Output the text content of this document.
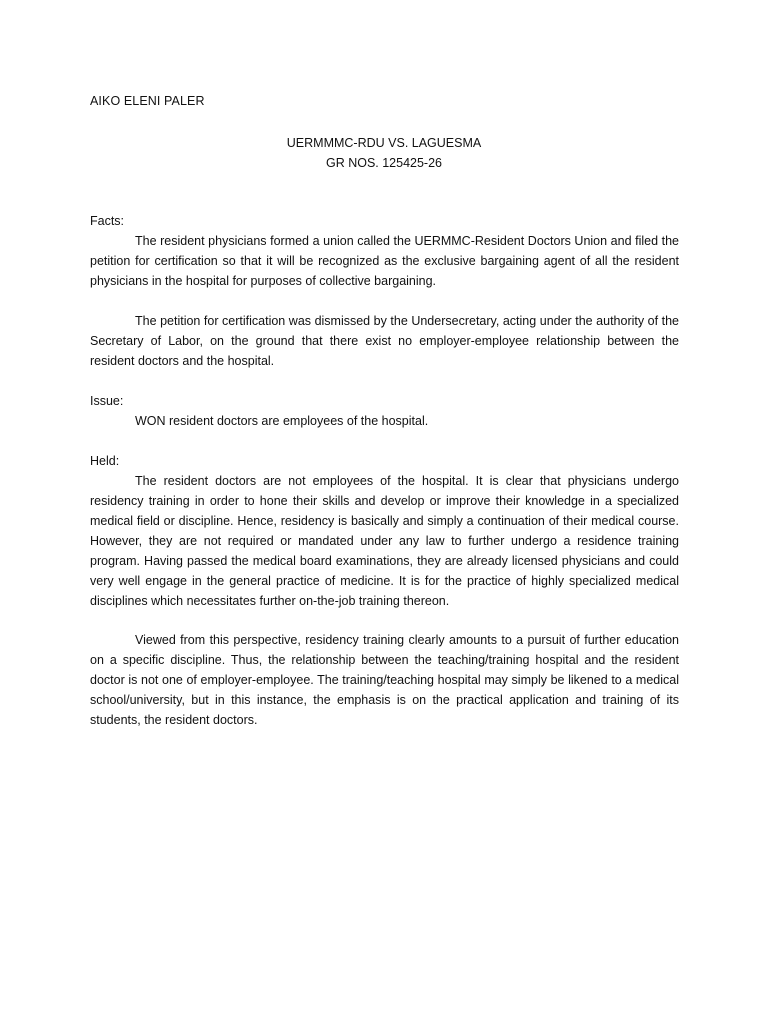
AIKO ELENI PALER
UERMMMC-RDU VS. LAGUESMA
GR NOS. 125425-26
Facts:

The resident physicians formed a union called the UERMMC-Resident Doctors Union and filed the petition for certification so that it will be recognized as the exclusive bargaining agent of all the resident physicians in the hospital for purposes of collective bargaining.

The petition for certification was dismissed by the Undersecretary, acting under the authority of the Secretary of Labor, on the ground that there exist no employer-employee relationship between the resident doctors and the hospital.

Issue:
WON resident doctors are employees of the hospital.
Held:

The resident doctors are not employees of the hospital. It is clear that physicians undergo residency training in order to hone their skills and develop or improve their knowledge in a specialized medical field or discipline. Hence, residency is basically and simply a continuation of their medical course. However, they are not required or mandated under any law to further undergo a residence training program. Having passed the medical board examinations, they are already licensed physicians and could very well engage in the general practice of medicine. It is for the practice of highly specialized medical disciplines which necessitates further on-the-job training thereon.

Viewed from this perspective, residency training clearly amounts to a pursuit of further education on a specific discipline. Thus, the relationship between the teaching/training hospital and the resident doctor is not one of employer-employee. The training/teaching hospital may simply be likened to a medical school/university, but in this instance, the emphasis is on the practical application and training of its students, the resident doctors.
